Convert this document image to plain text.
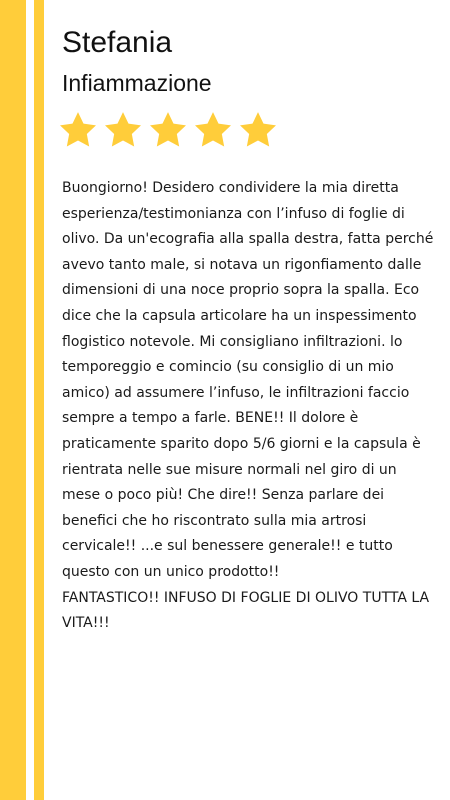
Stefania
Infiammazione

Buongiorno! Desidero condividere la mia diretta esperienza/testimonianza con l’infuso di foglie di olivo. Da un'ecografia alla spalla destra, fatta perché avevo tanto male, si notava un rigonfiamento dalle dimensioni di una noce proprio sopra la spalla. Eco dice che la capsula articolare ha un inspessimento flogistico notevole. Mi consigliano infiltrazioni. lo temporeggio e comincio (su consiglio di un mio amico) ad assumere l’infuso, le infiltrazioni faccio sempre a tempo a farle. BENE!! Il dolore è praticamente sparito dopo 5/6 giorni e la capsula è rientrata nelle sue misure normali nel giro di un mese o poco più! Che dire!! Senza parlare dei benefici che ho riscontrato sulla mia artrosi cervicale!! ...e sul benessere generale!! e tutto questo con un unico prodotto!!
FANTASTICO!! INFUSO DI FOGLIE DI OLIVO TUTTA LA VITA!!!
